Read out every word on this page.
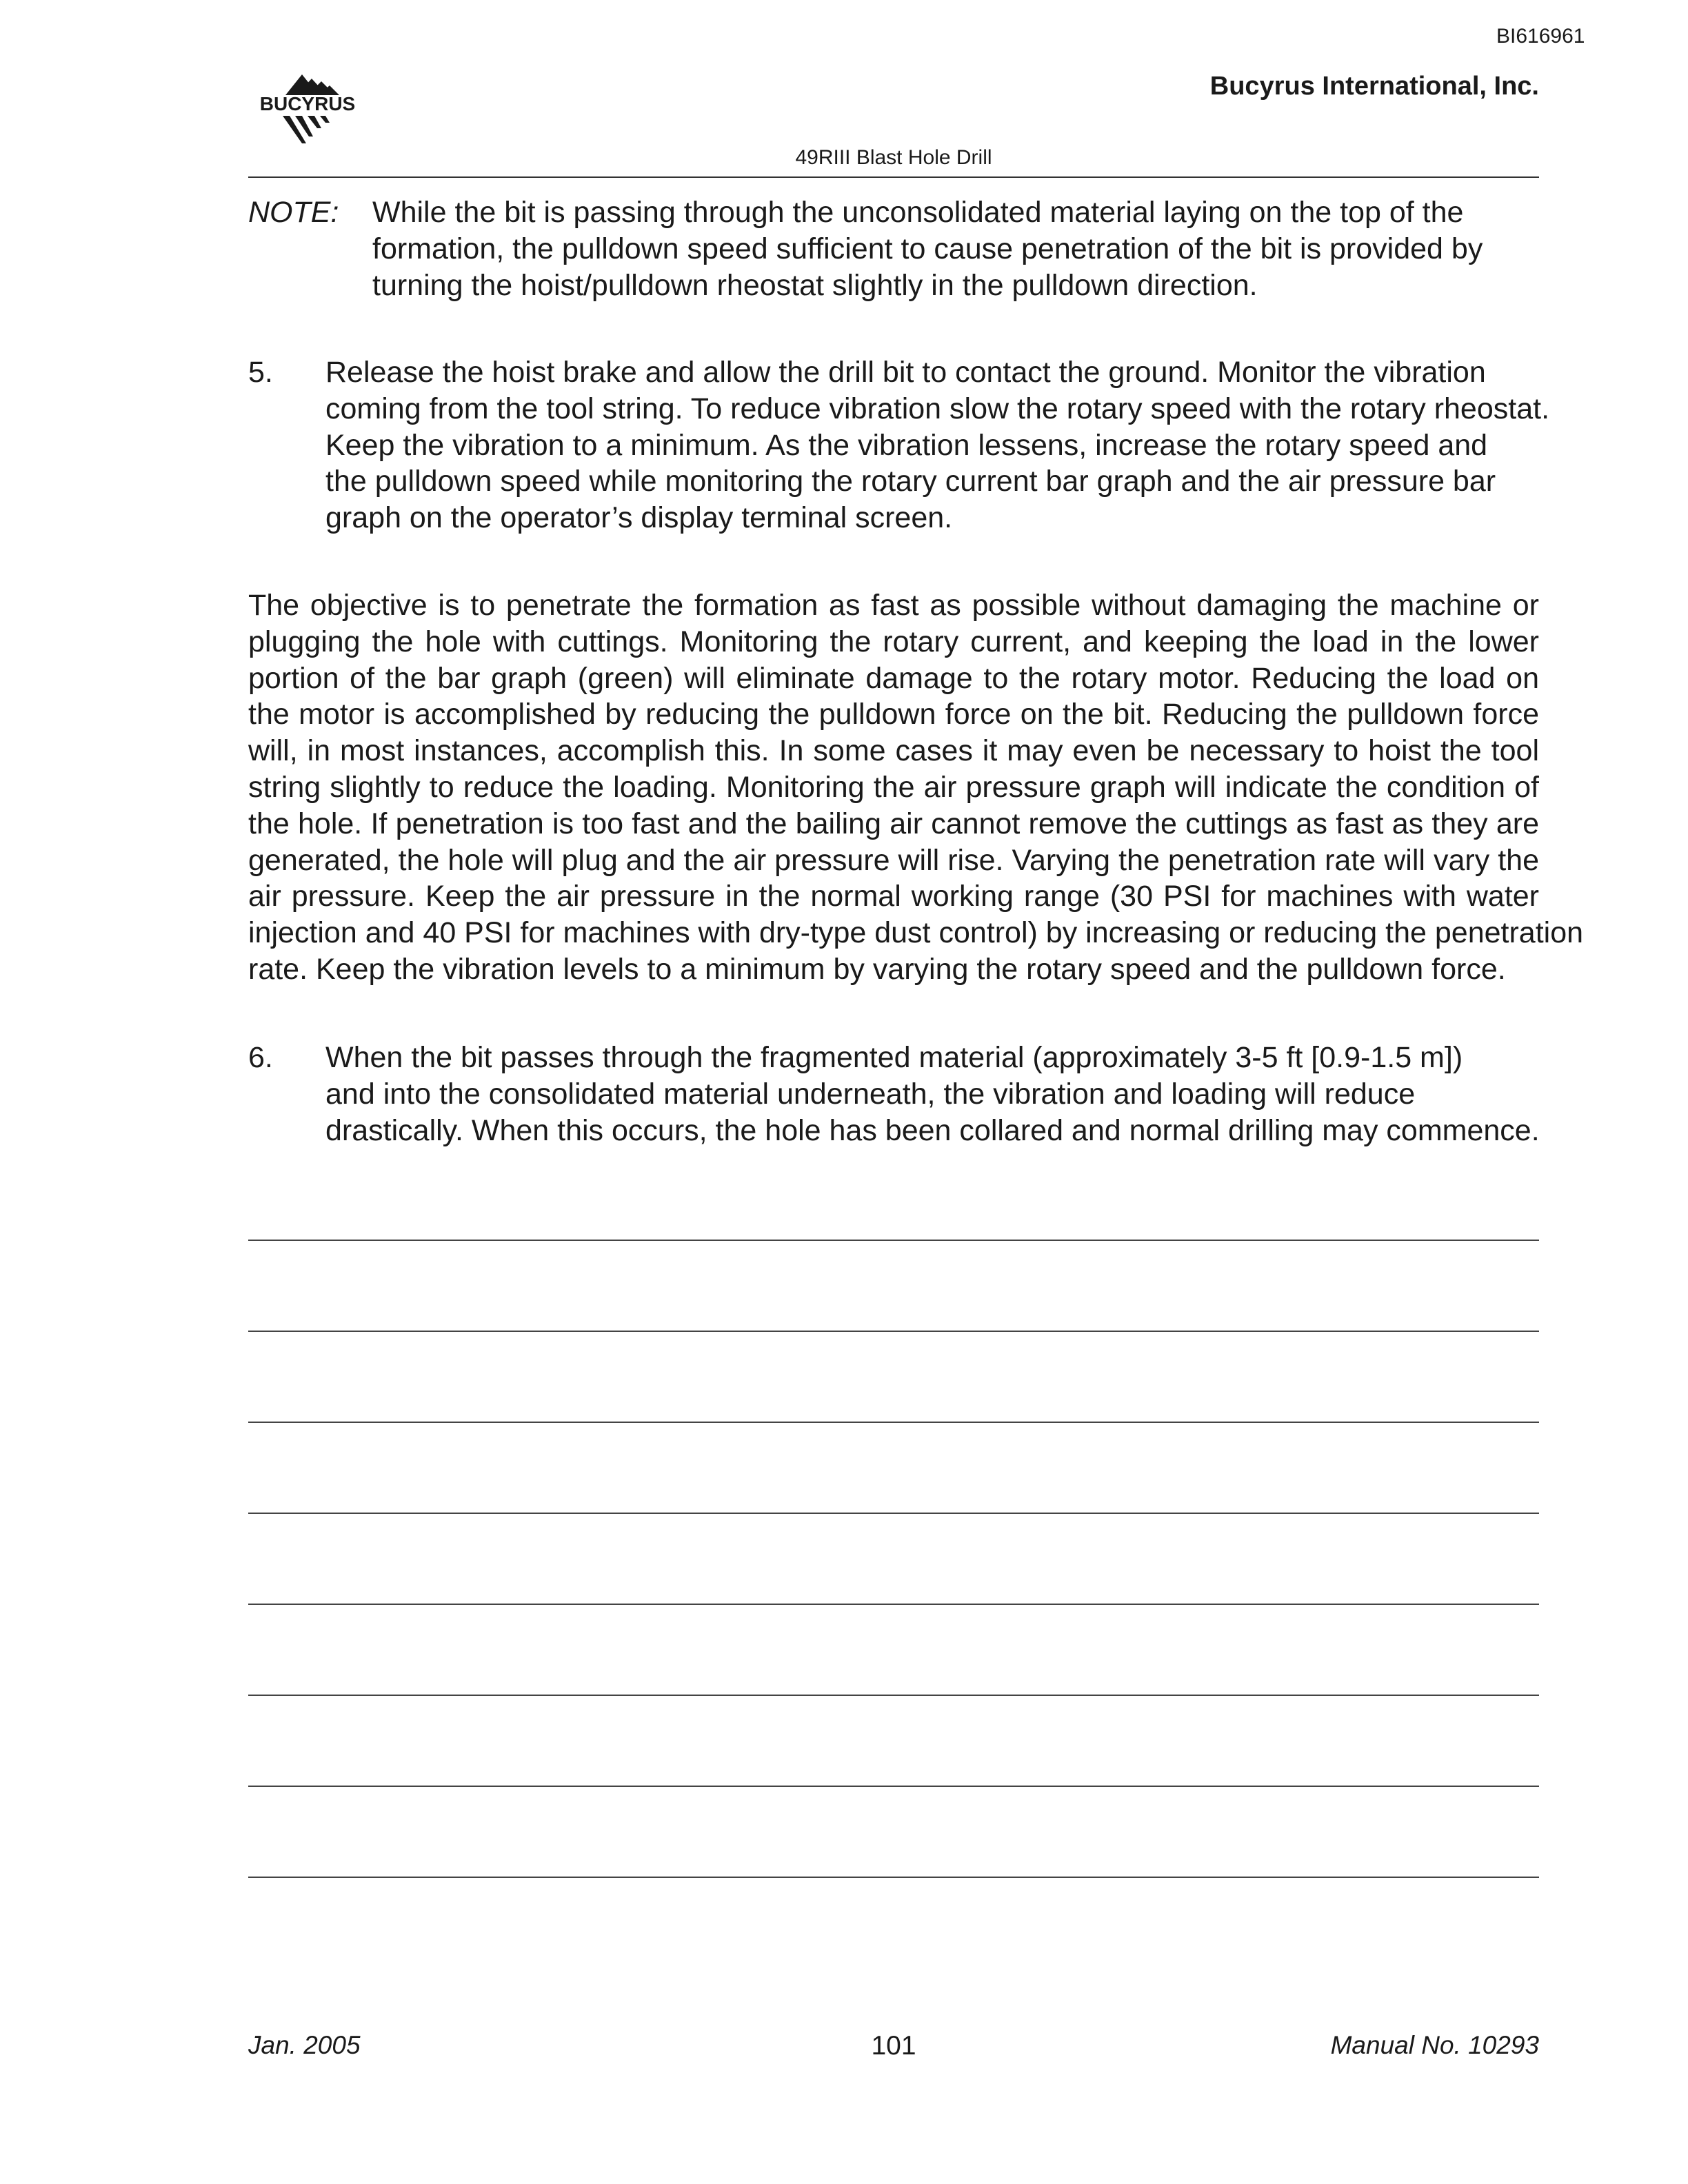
BI616961
BUCYRUS
Bucyrus International, Inc.
49RIII Blast Hole Drill
NOTE: While the bit is passing through the unconsolidated material laying on the top of the
formation, the pulldown speed sufficient to cause penetration of the bit is provided by
turning the hoist/pulldown rheostat slightly in the pulldown direction.
5. Release the hoist brake and allow the drill bit to contact the ground. Monitor the vibration
coming from the tool string. To reduce vibration slow the rotary speed with the rotary rheostat.
Keep the vibration to a minimum. As the vibration lessens, increase the rotary speed and
the pulldown speed while monitoring the rotary current bar graph and the air pressure bar
graph on the operator’s display terminal screen.
The objective is to penetrate the formation as fast as possible without damaging the machine or
plugging the hole with cuttings. Monitoring the rotary current, and keeping the load in the lower
portion of the bar graph (green) will eliminate damage to the rotary motor. Reducing the load on
the motor is accomplished by reducing the pulldown force on the bit. Reducing the pulldown force
will, in most instances, accomplish this. In some cases it may even be necessary to hoist the tool
string slightly to reduce the loading. Monitoring the air pressure graph will indicate the condition of
the hole. If penetration is too fast and the bailing air cannot remove the cuttings as fast as they are
generated, the hole will plug and the air pressure will rise. Varying the penetration rate will vary the
air pressure. Keep the air pressure in the normal working range (30 PSI for machines with water
injection and 40 PSI for machines with dry-type dust control) by increasing or reducing the penetration
rate. Keep the vibration levels to a minimum by varying the rotary speed and the pulldown force.
6. When the bit passes through the fragmented material (approximately 3-5 ft [0.9-1.5 m])
and into the consolidated material underneath, the vibration and loading will reduce
drastically. When this occurs, the hole has been collared and normal drilling may commence.
Jan. 2005	101	Manual No. 10293
